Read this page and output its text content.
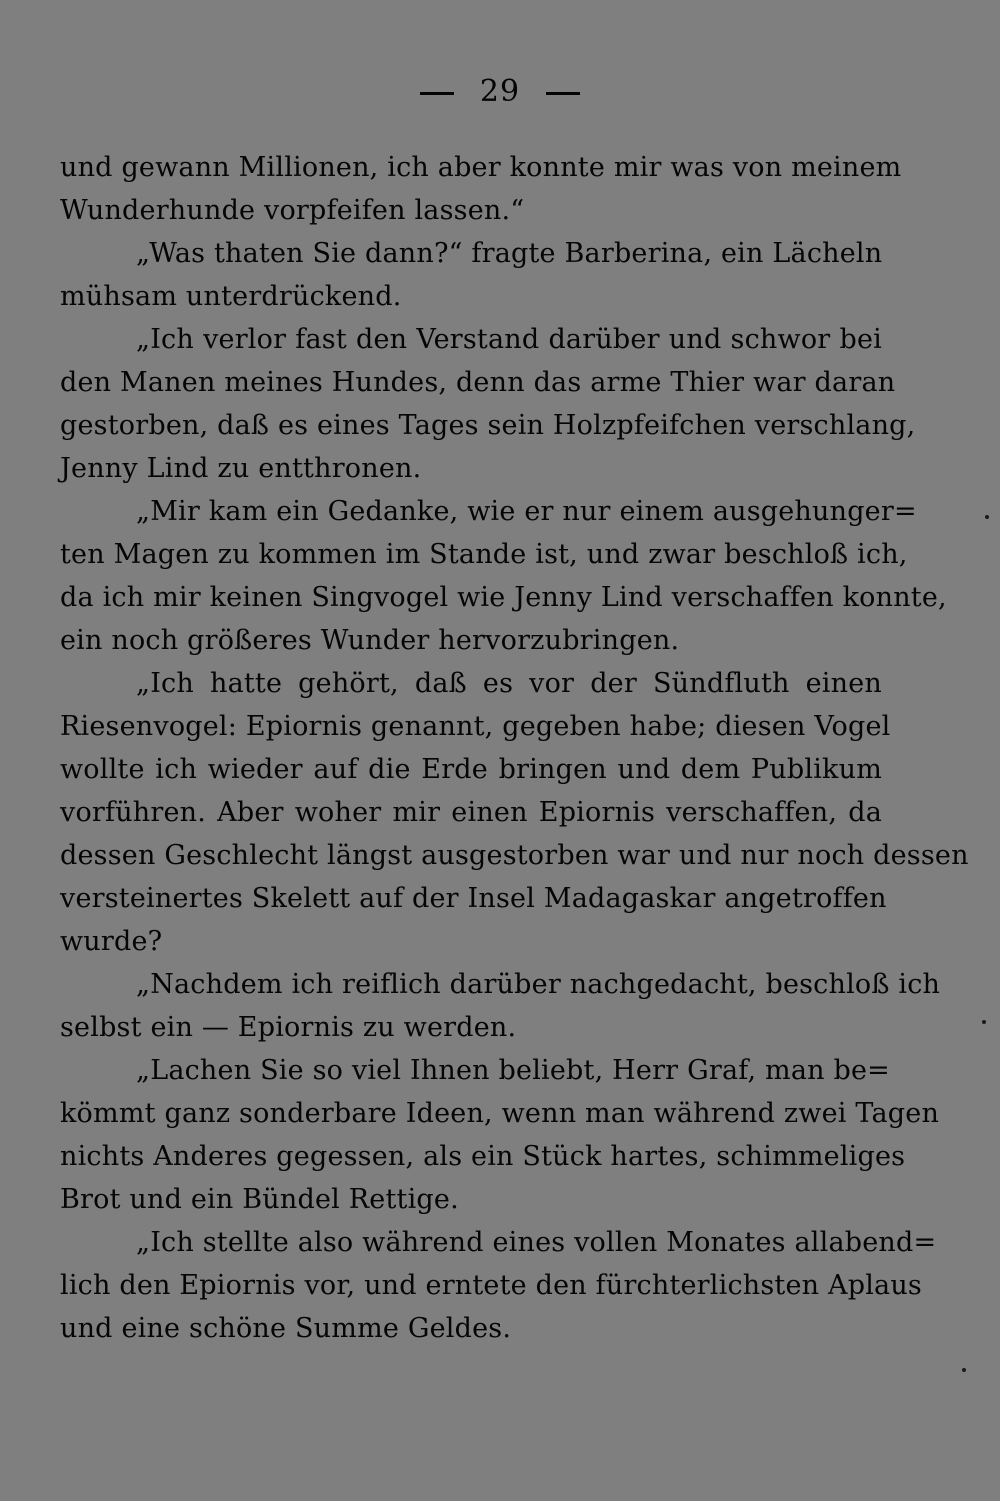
29
und gewann Millionen, ich aber konnte mir was von meinem
Wunderhunde vorpfeifen lassen.“
„Was thaten Sie dann?“ fragte Barberina, ein Lächeln
mühsam unterdrückend.
„Ich verlor fast den Verstand darüber und schwor bei
den Manen meines Hundes, denn das arme Thier war daran
gestorben, daß es eines Tages sein Holzpfeifchen verschlang,
Jenny Lind zu entthronen.
„Mir kam ein Gedanke, wie er nur einem ausgehunger=
ten Magen zu kommen im Stande ist, und zwar beschloß ich,
da ich mir keinen Singvogel wie Jenny Lind verschaffen konnte,
ein noch größeres Wunder hervorzubringen.
„Ich hatte gehört, daß es vor der Sündfluth einen
Riesenvogel: Epiornis genannt, gegeben habe; diesen Vogel
wollte ich wieder auf die Erde bringen und dem Publikum
vorführen. Aber woher mir einen Epiornis verschaffen, da
dessen Geschlecht längst ausgestorben war und nur noch dessen
versteinertes Skelett auf der Insel Madagaskar angetroffen
wurde?
„Nachdem ich reiflich darüber nachgedacht, beschloß ich
selbst ein — Epiornis zu werden.
„Lachen Sie so viel Ihnen beliebt, Herr Graf, man be=
kömmt ganz sonderbare Ideen, wenn man während zwei Tagen
nichts Anderes gegessen, als ein Stück hartes, schimmeliges
Brot und ein Bündel Rettige.
„Ich stellte also während eines vollen Monates allabend=
lich den Epiornis vor, und erntete den fürchterlichsten Aplaus
und eine schöne Summe Geldes.
